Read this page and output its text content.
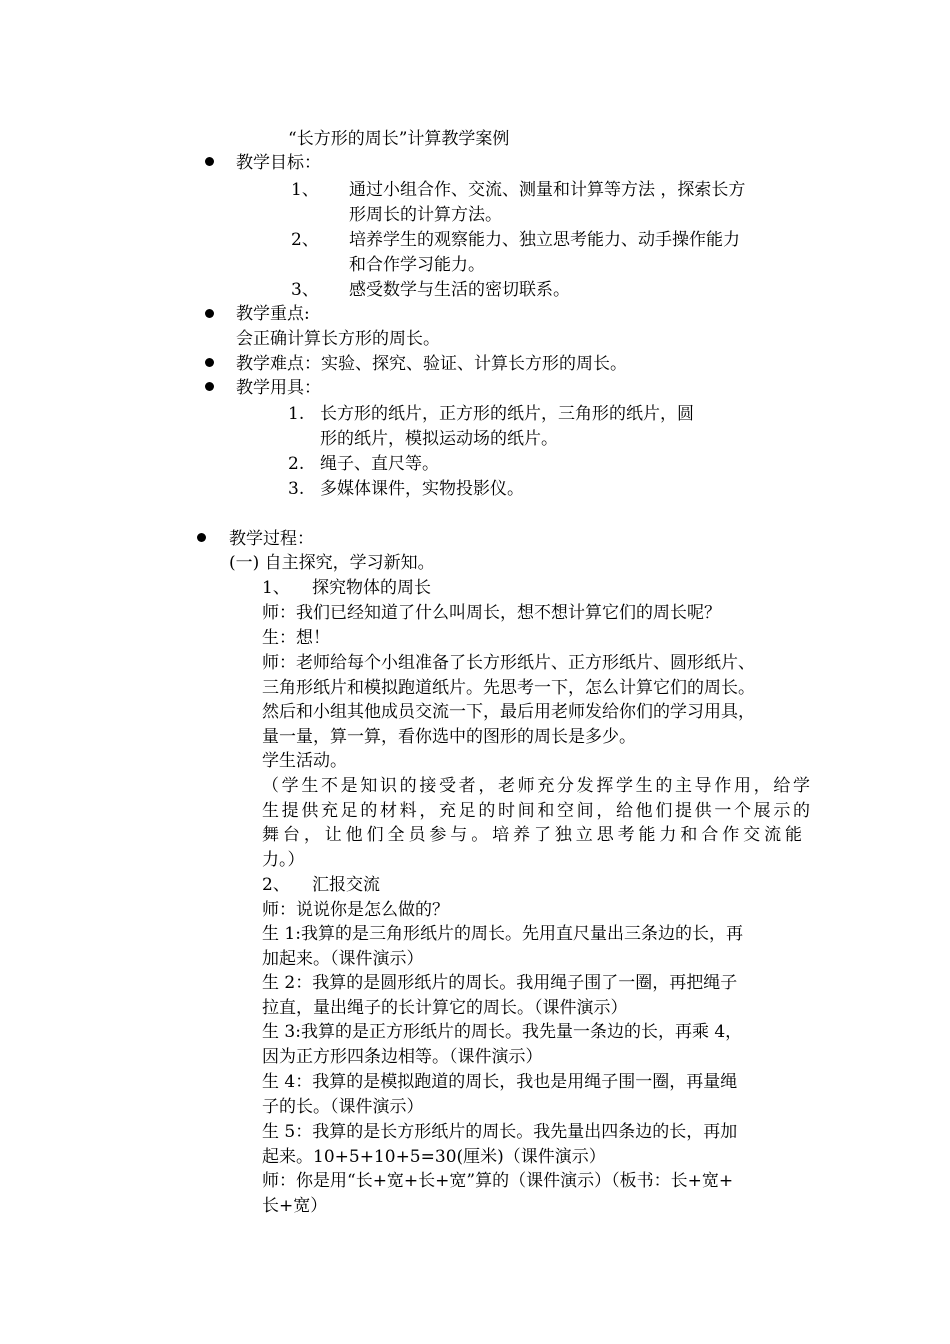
“长方形的周长”计算教学案例
教学目标：
1、 通过小组合作、交流、测量和计算等方法 ，探索长方
形周长的计算方法。
2、 培养学生的观察能力、独立思考能力、动手操作能力
和合作学习能力。
3、 感受数学与生活的密切联系。
教学重点:
会正确计算长方形的周长。
教学难点：实验、探究、验证、计算长方形的周长。
教学用具：
1. 长方形的纸片，正方形的纸片，三角形的纸片，圆
形的纸片，模拟运动场的纸片。
2. 绳子、直尺等。
3. 多媒体课件，实物投影仪。
教学过程：
(一) 自主探究，学习新知。
1、 探究物体的周长
师：我们已经知道了什么叫周长，想不想计算它们的周长呢？
生：想！
师：老师给每个小组准备了长方形纸片、正方形纸片、圆形纸片、
三角形纸片和模拟跑道纸片。先思考一下，怎么计算它们的周长。
然后和小组其他成员交流一下，最后用老师发给你们的学习用具，
量一量，算一算，看你选中的图形的周长是多少。
学生活动。
（学生不是知识的接受者，老师充分发挥学生的主导作用，给学
生提供充足的材料，充足的时间和空间，给他们提供一个展示的
舞台，让他们全员参与。培养了独立思考能力和合作交流能
力。）
2、 汇报交流
师：说说你是怎么做的？
生 1:我算的是三角形纸片的周长。先用直尺量出三条边的长，再
加起来。（课件演示）
生 2：我算的是圆形纸片的周长。我用绳子围了一圈，再把绳子
拉直，量出绳子的长计算它的周长。（课件演示）
生 3:我算的是正方形纸片的周长。我先量一条边的长，再乘 4，
因为正方形四条边相等。（课件演示）
生 4：我算的是模拟跑道的周长，我也是用绳子围一圈，再量绳
子的长。（课件演示）
生 5：我算的是长方形纸片的周长。我先量出四条边的长，再加
起来。10+5+10+5=30(厘米)（课件演示）
师：你是用“长+宽+长+宽”算的（课件演示）（板书：长+宽+
长+宽）
